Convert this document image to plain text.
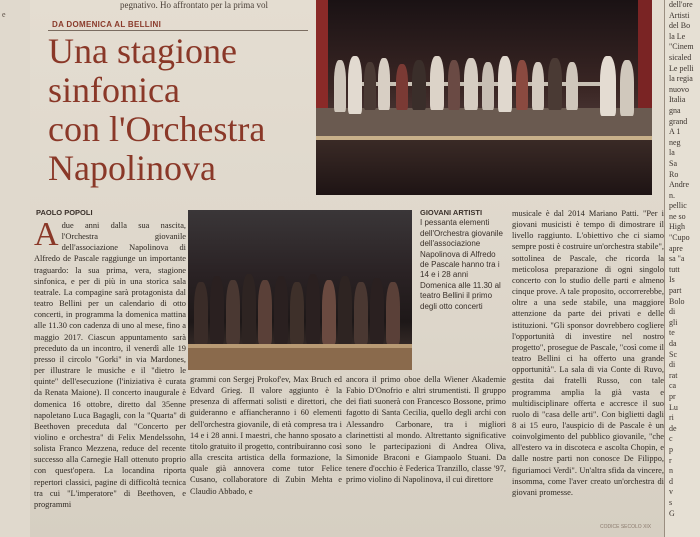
e
pegnativo. Ho affrontato per la prima vol
DA DOMENICA AL BELLINI
Una stagione
sinfonica
con l'Orchestra
Napolinova
PAOLO POPOLI
Adue anni dalla sua nascita, l'Orchestra giovanile dell'associazione Napolinova di Alfredo de Pascale raggiunge un importante traguardo: la sua prima, vera, stagione sinfonica, e per di più in una storica sala teatrale. La compagine sarà protagonista dal teatro Bellini per un calendario di otto concerti, in programma la domenica mattina alle 11.30 con cadenza di uno al mese, fino a maggio 2017. Ciascun appuntamento sarà preceduto da un incontro, il venerdì alle 19 presso il circolo "Gorki" in via Mardones, per illustrare le musiche e il "dietro le quinte" dell'esecuzione (l'iniziativa è curata da Renata Maione). Il concerto inaugurale è domenica 16 ottobre, diretto dal 35enne napoletano Luca Bagagli, con la "Quarta" di Beethoven preceduta dal "Concerto per violino e orchestra" di Felix Mendelssohn, solista Franco Mezzena, reduce del recente successo alla Carnegie Hall ottenuto proprio con quest'opera. La locandina riporta repertori classici, pagine di difficoltà tecnica tra cui "L'imperatore" di Beethoven, e programmi
GIOVANI ARTISTI
I pessanta elementi dell'Orchestra giovanile dell'associazione Napolinova di Alfredo de Pascale hanno tra i 14 e i 28 anni Domenica alle 11.30 al teatro Bellini il primo degli otto concerti
grammi con Sergej Prokof'ev, Max Bruch ed Edvard Grieg. Il valore aggiunto è la presenza di affermati solisti e direttori, che guideranno e affiancheranno i 60 elementi dell'orchestra giovanile, di età compresa tra i 14 e i 28 anni. I maestri, che hanno sposato a titolo gratuito il progetto, contribuiranno così alla crescita artistica della formazione, la quale già annovera come tutor Felice Cusano, collaboratore di Zubin Mehta e Claudio Abbado, e
ancora il primo oboe della Wiener Akademie Fabio D'Onofrio e altri strumentisti. Il gruppo dei fiati suonerà con Francesco Bossone, primo fagotto di Santa Cecilia, quello degli archi con Alessandro Carbonare, tra i migliori clarinettisti al mondo. Altrettanto significative sono le partecipazioni di Andrea Oliva, Simonide Braconi e Giampaolo Stuani. Da tenere d'occhio è Federica Tranzillo, classe '97, primo violino di Napolinova, il cui direttore
musicale è dal 2014 Mariano Patti. "Per i giovani musicisti è tempo di dimostrare il livello raggiunto. L'obiettivo che ci siamo sempre posti è costruire un'orchestra stabile", sottolinea de Pascale, che ricorda la meticolosa preparazione di ogni singolo concerto con lo studio delle parti e almeno cinque prove. A tale proposito, occorrerebbe, oltre a una sede stabile, una maggiore attenzione da parte dei privati e delle istituzioni. "Gli sponsor dovrebbero cogliere l'opportunità di investire nel nostro progetto", prosegue de Pascale, "così come il teatro Bellini ci ha offerto una grande opportunità". La sala di via Conte di Ruvo, gestita dai fratelli Russo, con tale programma amplia la già vasta e multidisciplinare offerta e accresce il suo ruolo di "casa delle arti". Con biglietti dagli 8 ai 15 euro, l'auspicio di de Pascale è un coinvolgimento del pubblico giovanile, "che all'estero va in discoteca e ascolta Chopin, e dalle nostre parti non conosce De Filippo, figuriamoci Verdi". Un'altra sfida da vincere, insomma, come l'aver creato un'orchestra di giovani promesse.
dell'ore
Artisti
del Bo
la Le
"Cinem
sicaled
Le pelli
la regia
nuovo
Italia
gna
grand
A 1
neg
la
Sa
Ro
Andre
n.
pellic
ne so
High
"Cupo
apre
sa "a
tutt
Is
part
Bolo
di
gli
te
da
Sc
di
rat
ca
pr
Lu
ri
de
c
p
r
n
d
v
s
G
CODICE SECOLO XIX
